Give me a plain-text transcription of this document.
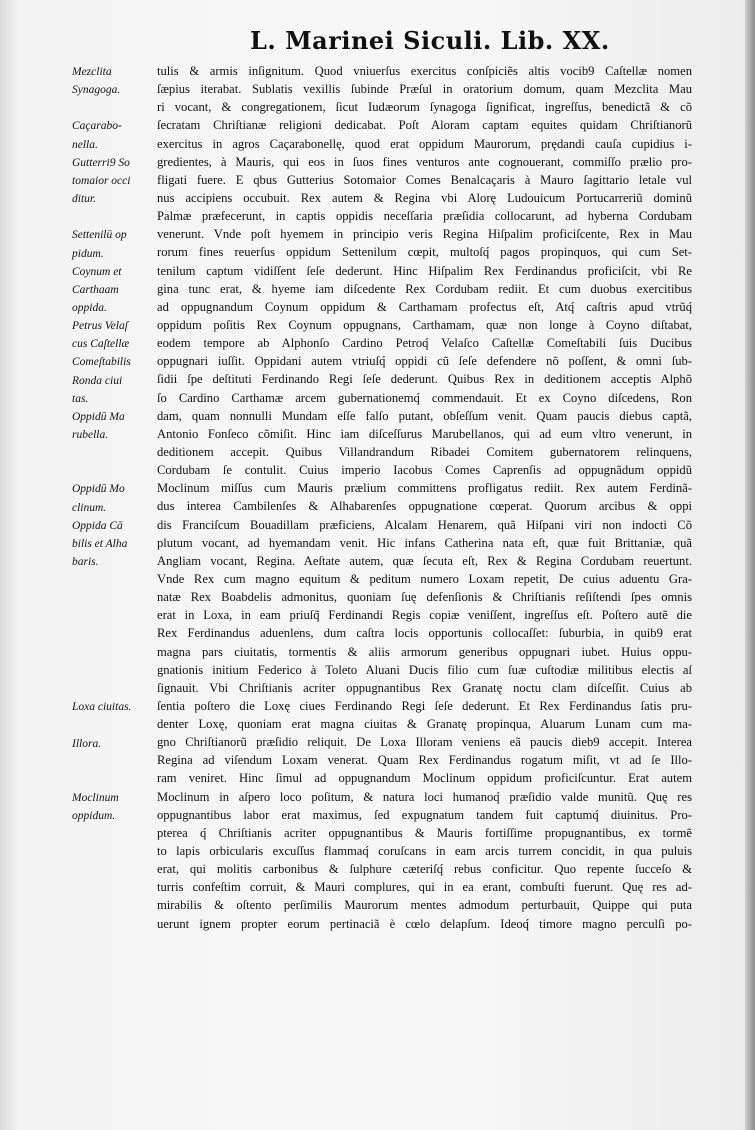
L. Marinei Siculi. Lib. XX.
Mezclita
Synagoga.
Caçarabo-
nella.
Gutterri9 So
tomaior occi
ditur.
Settenilū op
pidum.
Coynum et
Carthaam
oppida.
Petrus Velaſ
cus Caſtellæ
Comeſtabilis
Ronda ciui
tas.
Oppidū Ma
rubella.
Oppidū Mo
clinum.
Oppida Cā
bilis et Alha
baris.
Loxa ciuitas.
Illora.
Moclinum
oppidum.
tulis & armis inſignitum. Quod vniuerſus exercitus conſpiciẽs altis vocib9 Caſtellæ nomen
ſæpius iterabat. Sublatis vexillis ſubinde Præſul in oratorium domum, quam Mezclita Mau
ri vocant, & congregationem, ſicut Iudæorum ſynagoga ſignificat, ingreſſus, benedictã & cõ
ſecratam Chriſtianæ religioni dedicabat. Poſt Aloram captam equites quidam Chriſtianorũ
exercitus in agros Caçarabonellę, quod erat oppidum Maurorum, prędandi cauſa cupidius i-
gredientes, à Mauris, qui eos in ſuos fines venturos ante cognouerant, commiſſo prælio pro-
fligati fuere. E qbus Gutterius Sotomaior Comes Benalcaçaris à Mauro ſagittario letale vul
nus accipiens occubuit. Rex autem & Regina vbi Alorę Ludouicum Portucarreriũ dominũ
Palmæ præfecerunt, in captis oppidis neceſſaria præſidia collocarunt, ad hyberna Cordubam
venerunt. Vnde poſt hyemem in principio veris Regina Hiſpalim proficiſcente, Rex in Mau
rorum fines reuerſus oppidum Settenilum cœpit, multoſq́ pagos propinquos, qui cum Set-
tenilum captum vidiſſent ſeſe dederunt. Hinc Hiſpalim Rex Ferdinandus proficiſcit, vbi Re
gina tunc erat, & hyeme iam diſcedente Rex Cordubam rediit. Et cum duobus exercitibus
ad oppugnandum Coynum oppidum & Carthamam profectus eſt, Atq́ caſtris apud vtrũq́
oppidum poſitis Rex Coynum oppugnans, Carthamam, quæ non longe à Coyno diſtabat,
eodem tempore ab Alphonſo Cardino Petroq́ Velaſco Caſtellæ Comeſtabili ſuis Ducibus
oppugnari iuſſit. Oppidani autem vtriuſq́ oppidi cũ ſeſe defendere nõ poſſent, & omni ſub-
ſidii ſpe deſtituti Ferdinando Regi ſeſe dederunt. Quibus Rex in deditionem acceptis Alphõ
ſo Cardino Carthamæ arcem gubernationemq́ commendauit. Et ex Coyno diſcedens, Ron
dam, quam nonnulli Mundam eſſe falſo putant, obſeſſum venit. Quam paucis diebus captã,
Antonio Fonſeco cõmiſit. Hinc iam diſceſſurus Marubellanos, qui ad eum vltro venerunt, in
deditionem accepit. Quibus Villandrandum Ribadei Comitem gubernatorem relinquens,
Cordubam ſe contulit. Cuius imperio Iacobus Comes Caprenſis ad oppugnãdum oppidũ
Moclinum miſſus cum Mauris prælium committens profligatus rediit. Rex autem Ferdinã-
dus interea Cambilenſes & Alhabarenſes oppugnatione cœperat. Quorum arcibus & oppi
dis Franciſcum Bouadillam præficiens, Alcalam Henarem, quã Hiſpani viri non indocti Cõ
plutum vocant, ad hyemandam venit. Hic infans Catherina nata eſt, quæ fuit Brittaniæ, quã
Angliam vocant, Regina. Aeſtate autem, quæ ſecuta eſt, Rex & Regina Cordubam reuertunt.
Vnde Rex cum magno equitum & peditum numero Loxam repetit, De cuius aduentu Gra-
natæ Rex Boabdelis admonitus, quoniam ſuę defenſionis & Chriſtianis reſiſtendi ſpes omnis
erat in Loxa, in eam priuſq̃ Ferdinandi Regis copiæ veniſſent, ingreſſus eſt. Poſtero autẽ die
Rex Ferdinandus aduenlens, dum caſtra locis opportunis collocaſſet: ſuburbia, in quib9 erat
magna pars ciuitatis, tormentis & aliis armorum generibus oppugnari iubet. Huius oppu-
gnationis initium Federico à Toleto Aluani Ducis filio cum ſuæ cuſtodiæ militibus electis aſ
ſignauit. Vbi Chriſtianis acriter oppugnantibus Rex Granatę noctu clam diſceſſit. Cuius ab
ſentia poſtero die Loxę ciues Ferdinando Regi ſeſe dederunt. Et Rex Ferdinandus ſatis pru-
denter Loxę, quoniam erat magna ciuitas & Granatę propinqua, Aluarum Lunam cum ma-
gno Chriſtianorũ præſidio reliquit. De Loxa Illoram veniens eã paucis dieb9 accepit. Interea
Regina ad viſendum Loxam venerat. Quam Rex Ferdinandus rogatum miſit, vt ad ſe Illo-
ram veniret. Hinc ſimul ad oppugnandum Moclinum oppidum proficiſcuntur. Erat autem
Moclinum in aſpero loco poſitum, & natura loci humanoq́ præſidio valde munitũ. Quę res
oppugnantibus labor erat maximus, ſed expugnatum tandem fuit captumq́ diuinitus. Pro-
pterea q́ Chriſtianis acriter oppugnantibus & Mauris fortiſſime propugnantibus, ex tormẽ
to lapis orbicularis excuſſus flammaq́ coruſcans in eam arcis turrem concidit, in qua puluis
erat, qui molitis carbonibus & ſulphure cæteriſq́ rebus conficitur. Quo repente ſucceſo &
turris confeſtim corruit, & Mauri complures, qui in ea erant, combuſti fuerunt. Quę res ad-
mirabilis & oſtento perſimilis Maurorum mentes admodum perturbauit, Quippe qui puta
uerunt ignem propter eorum pertinaciã è cœlo delapſum. Ideoq́ timore magno perculſi po-
